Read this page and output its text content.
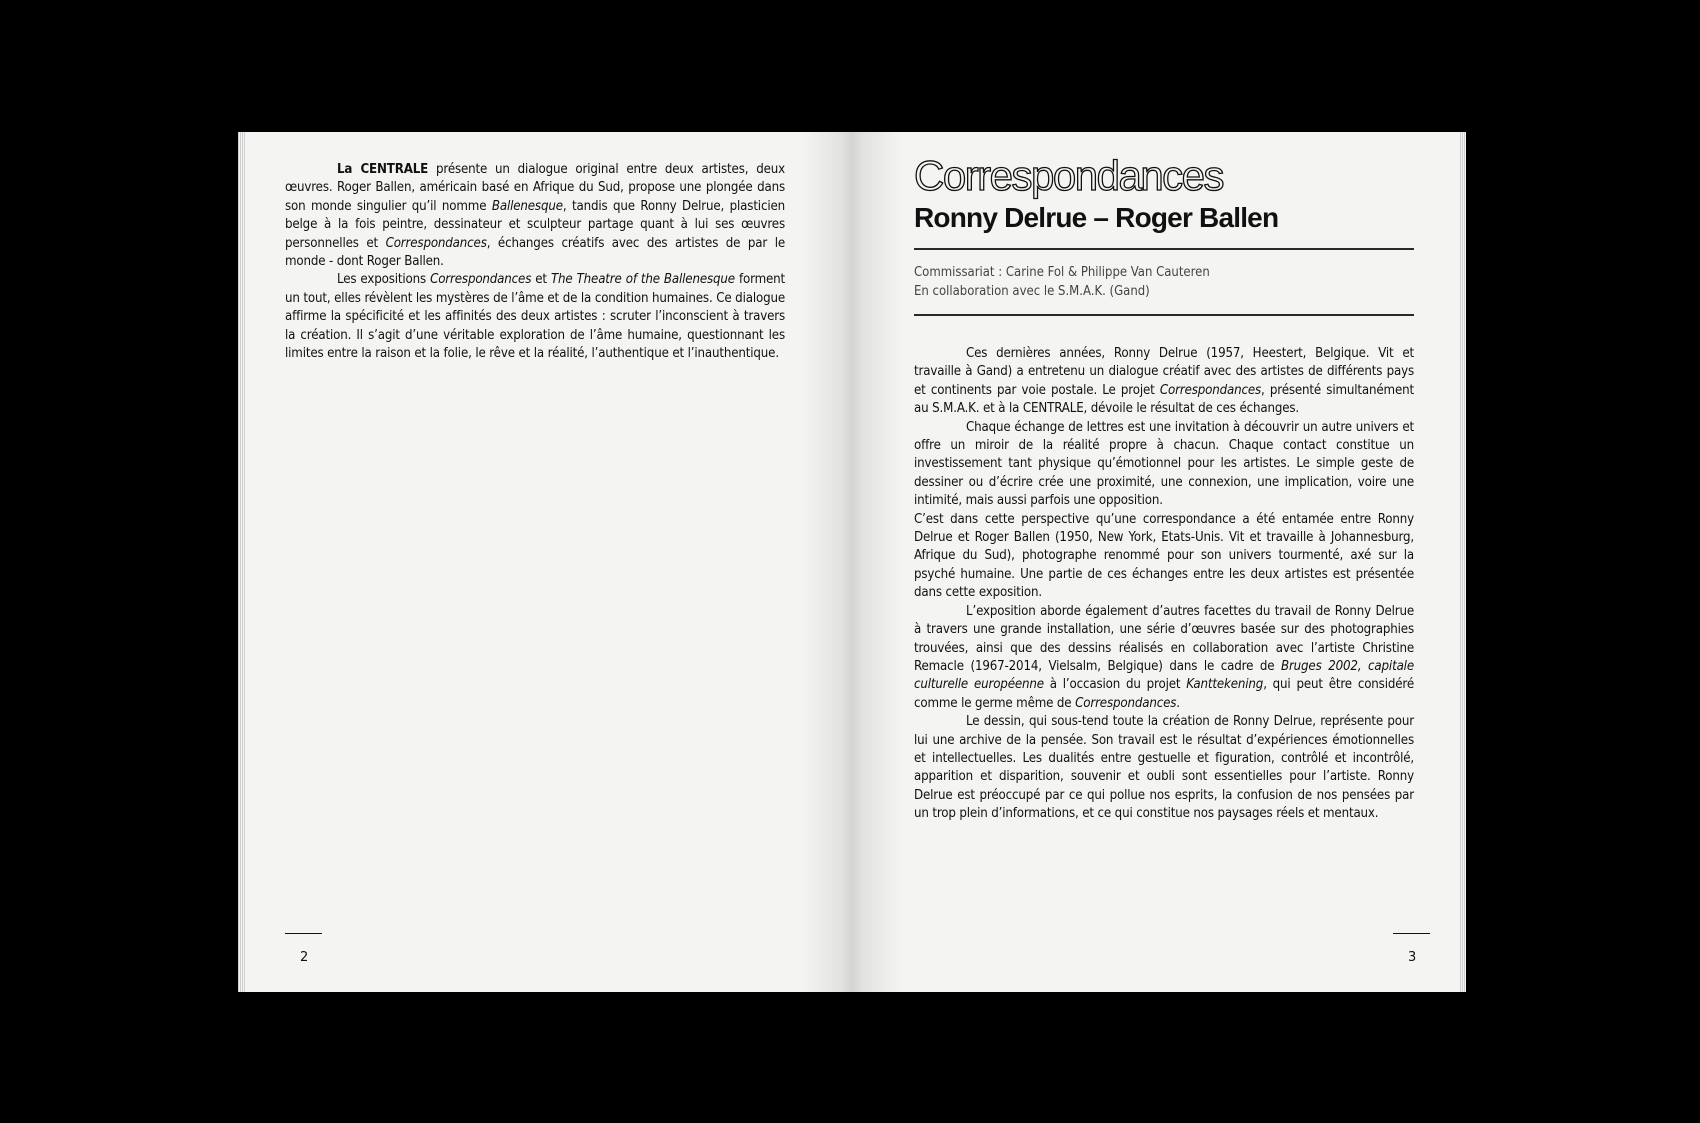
La CENTRALE présente un dialogue original entre deux artistes, deux œuvres. Roger Ballen, américain basé en Afrique du Sud, propose une plongée dans son monde singulier qu’il nomme Ballenesque, tandis que Ronny Delrue, plasticien belge à la fois peintre, dessinateur et sculpteur partage quant à lui ses œuvres personnelles et Correspondances, échanges créatifs avec des artistes de par le monde - dont Roger Ballen.

Les expositions Correspondances et The Theatre of the Ballenesque forment un tout, elles révèlent les mystères de l’âme et de la condition humaines. Ce dialogue affirme la spécificité et les affinités des deux artistes : scruter l’inconscient à travers la création. Il s’agit d’une véritable exploration de l’âme humaine, questionnant les limites entre la raison et la folie, le rêve et la réalité, l’authentique et l’inauthentique.

2
Correspondances
Ronny Delrue – Roger Ballen
Commissariat : Carine Fol & Philippe Van Cauteren
En collaboration avec le S.M.A.K. (Gand)

Ces dernières années, Ronny Delrue (1957, Heestert, Belgique. Vit et travaille à Gand) a entretenu un dialogue créatif avec des artistes de différents pays et continents par voie postale. Le projet Correspondances, présenté simultanément au S.M.A.K. et à la CENTRALE, dévoile le résultat de ces échanges.

Chaque échange de lettres est une invitation à découvrir un autre univers et offre un miroir de la réalité propre à chacun. Chaque contact constitue un investissement tant physique qu’émotionnel pour les artistes. Le simple geste de dessiner ou d’écrire crée une proximité, une connexion, une implication, voire une intimité, mais aussi parfois une opposition.

C’est dans cette perspective qu’une correspondance a été entamée entre Ronny Delrue et Roger Ballen (1950, New York, Etats-Unis. Vit et travaille à Johannesburg, Afrique du Sud), photographe renommé pour son univers tourmenté, axé sur la psyché humaine. Une partie de ces échanges entre les deux artistes est présentée dans cette exposition.

L’exposition aborde également d’autres facettes du travail de Ronny Delrue à travers une grande installation, une série d’œuvres basée sur des photographies trouvées, ainsi que des dessins réalisés en collaboration avec l’artiste Christine Remacle (1967-2014, Vielsalm, Belgique) dans le cadre de Bruges 2002, capitale culturelle européenne à l’occasion du projet Kanttekening, qui peut être considéré comme le germe même de Correspondances.

Le dessin, qui sous-tend toute la création de Ronny Delrue, représente pour lui une archive de la pensée. Son travail est le résultat d’expériences émotionnelles et intellectuelles. Les dualités entre gestuelle et figuration, contrôlé et incontrôlé, apparition et disparition, souvenir et oubli sont essentielles pour l’artiste. Ronny Delrue est préoccupé par ce qui pollue nos esprits, la confusion de nos pensées par un trop plein d’informations, et ce qui constitue nos paysages réels et mentaux.

3
